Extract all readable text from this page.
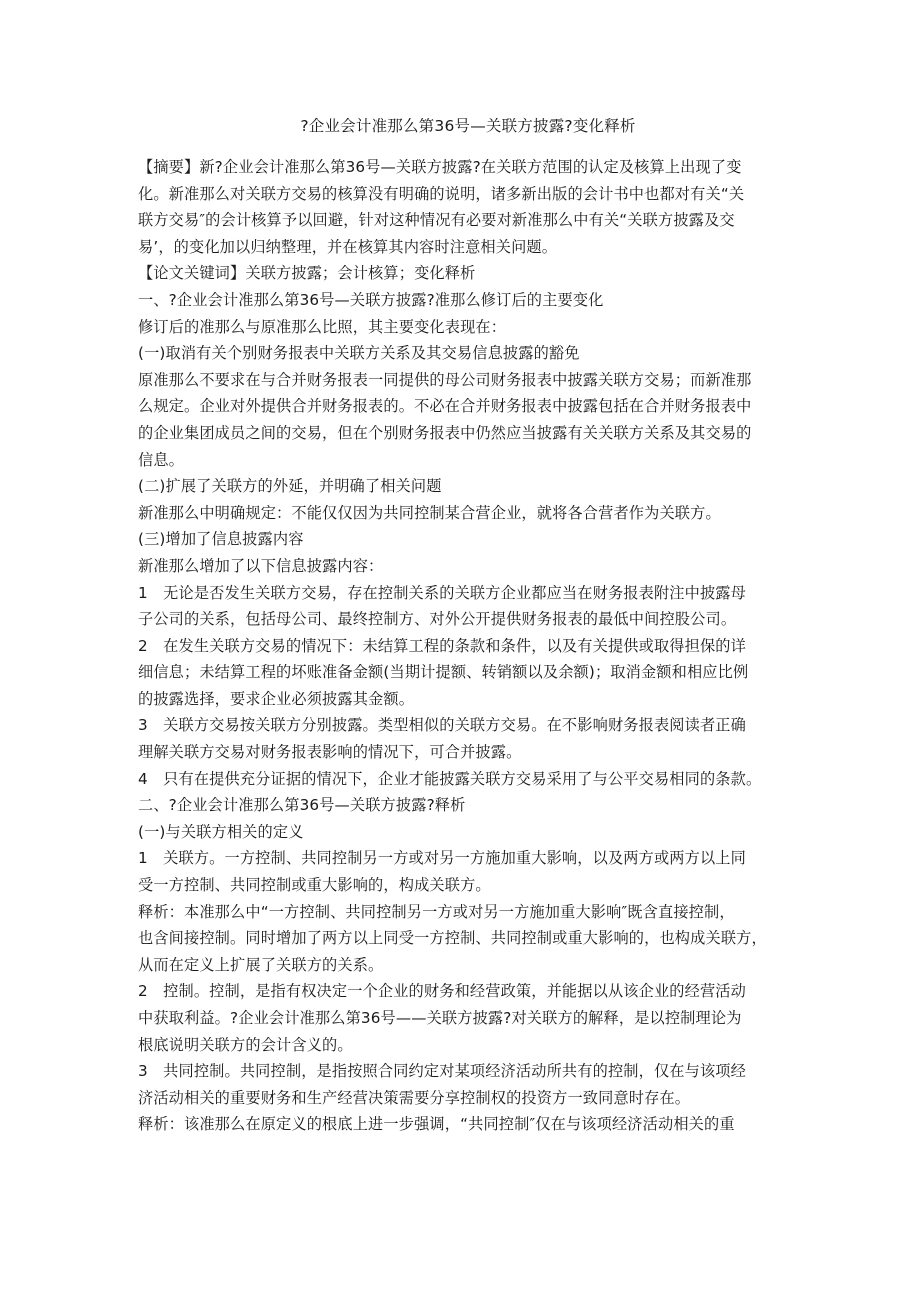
?企业会计准那么第36号—关联方披露?变化释析

【摘要】新?企业会计准那么第36号—关联方披露?在关联方范围的认定及核算上出现了变

化。新准那么对关联方交易的核算没有明确的说明，诸多新出版的会计书中也都对有关“关

联方交易″的会计核算予以回避，针对这种情况有必要对新准那么中有关“关联方披露及交

易’，的变化加以归纳整理，并在核算其内容时注意相关问题。

【论文关键词】关联方披露；会计核算；变化释析

一、?企业会计准那么第36号—关联方披露?准那么修订后的主要变化

修订后的准那么与原准那么比照，其主要变化表现在：

(一)取消有关个别财务报表中关联方关系及其交易信息披露的豁免

原准那么不要求在与合并财务报表一同提供的母公司财务报表中披露关联方交易；而新准那

么规定。企业对外提供合并财务报表的。不必在合并财务报表中披露包括在合并财务报表中

的企业集团成员之间的交易，但在个别财务报表中仍然应当披露有关关联方关系及其交易的

信息。

(二)扩展了关联方的外延，并明确了相关问题

新准那么中明确规定：不能仅仅因为共同控制某合营企业，就将各合营者作为关联方。

(三)增加了信息披露内容

新准那么增加了以下信息披露内容：

1　无论是否发生关联方交易，存在控制关系的关联方企业都应当在财务报表附注中披露母

子公司的关系，包括母公司、最终控制方、对外公开提供财务报表的最低中间控股公司。

2　在发生关联方交易的情况下：未结算工程的条款和条件，以及有关提供或取得担保的详

细信息；未结算工程的坏账准备金额(当期计提额、转销额以及余额)；取消金额和相应比例

的披露选择，要求企业必须披露其金额。

3　关联方交易按关联方分别披露。类型相似的关联方交易。在不影响财务报表阅读者正确

理解关联方交易对财务报表影响的情况下，可合并披露。

4　只有在提供充分证据的情况下，企业才能披露关联方交易采用了与公平交易相同的条款。

二、?企业会计准那么第36号—关联方披露?释析

(一)与关联方相关的定义

1　关联方。一方控制、共同控制另一方或对另一方施加重大影响，以及两方或两方以上同

受一方控制、共同控制或重大影响的，构成关联方。

释析：本准那么中“一方控制、共同控制另一方或对另一方施加重大影响″既含直接控制，

也含间接控制。同时增加了两方以上同受一方控制、共同控制或重大影响的，也构成关联方，

从而在定义上扩展了关联方的关系。

2　控制。控制，是指有权决定一个企业的财务和经营政策，并能据以从该企业的经营活动

中获取利益。?企业会计准那么第36号——关联方披露?对关联方的解释，是以控制理论为

根底说明关联方的会计含义的。

3　共同控制。共同控制，是指按照合同约定对某项经济活动所共有的控制，仅在与该项经

济活动相关的重要财务和生产经营决策需要分享控制权的投资方一致同意时存在。

释析：该准那么在原定义的根底上进一步强调，“共同控制″仅在与该项经济活动相关的重
